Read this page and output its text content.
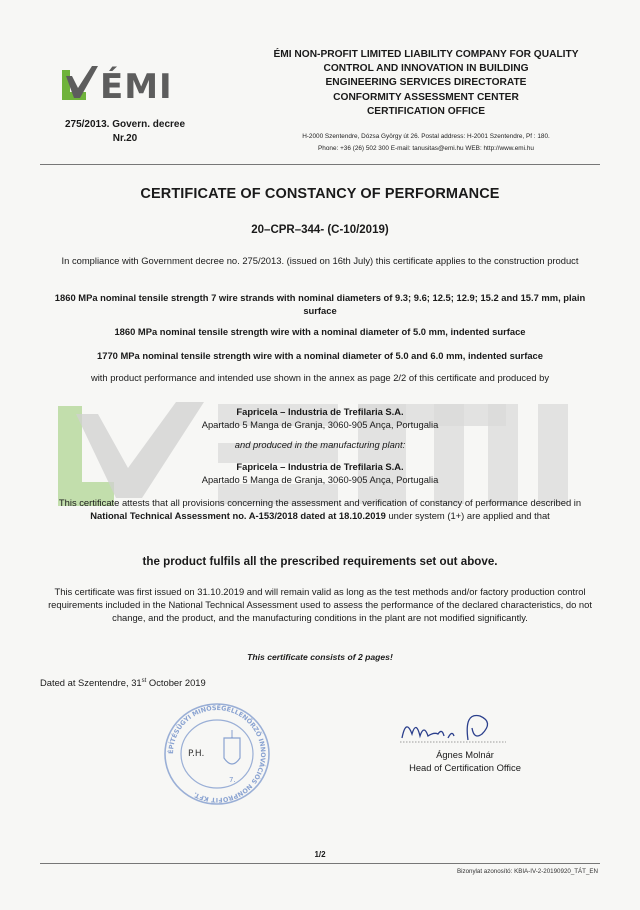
ÉMI
275/2013. Govern. decree
Nr.20
ÉMI NON-PROFIT LIMITED LIABILITY COMPANY FOR QUALITY
CONTROL AND INNOVATION IN BUILDING
ENGINEERING SERVICES DIRECTORATE
CONFORMITY ASSESSMENT CENTER
CERTIFICATION OFFICE
H-2000 Szentendre, Dózsa György út 26. Postal address: H-2001 Szentendre, Pf : 180.
Phone: +36 (26) 502 300 E-mail: tanusitas@emi.hu WEB: http://www.emi.hu
CERTIFICATE OF CONSTANCY OF PERFORMANCE
20–CPR–344- (C-10/2019)
In compliance with Government decree no. 275/2013. (issued on 16th July) this certificate applies to the construction product
1860 MPa nominal tensile strength 7 wire strands with nominal diameters of 9.3; 9.6; 12.5; 12.9; 15.2 and 15.7 mm, plain surface
1860 MPa nominal tensile strength wire with a nominal diameter of 5.0 mm, indented surface
1770 MPa nominal tensile strength wire with a nominal diameter of 5.0 and 6.0 mm, indented surface
with product performance and intended use shown in the annex as page 2/2 of this certificate and produced by
Fapricela – Industria de Trefilaria S.A.
Apartado 5 Manga de Granja, 3060-905 Ança, Portugalia
and produced in the manufacturing plant:
Fapricela – Industria de Trefilaria S.A.
Apartado 5 Manga de Granja, 3060-905 Ança, Portugalia
This certificate attests that all provisions concerning the assessment and verification of constancy of performance described in National Technical Assessment no. A-153/2018 dated at 18.10.2019 under system (1+) are applied and that
the product fulfils all the prescribed requirements set out above.
This certificate was first issued on 31.10.2019 and will remain valid as long as the test methods and/or factory production control requirements included in the National Technical Assessment used to assess the performance of the declared characteristics, do not change, and the product, and the manufacturing conditions in the plant are not modified significantly.
This certificate consists of 2 pages!
Dated at Szentendre, 31st October 2019
ÉPÍTÉSÜGYI MINŐSÉGELLENŐRZŐ INNOVÁCIÓS NONPROFIT KFT.
P.H.
7.
Ágnes Molnár
Head of Certification Office
1/2
Bizonylat azonosító: KBIA-IV-2-20190920_TÁT_EN
